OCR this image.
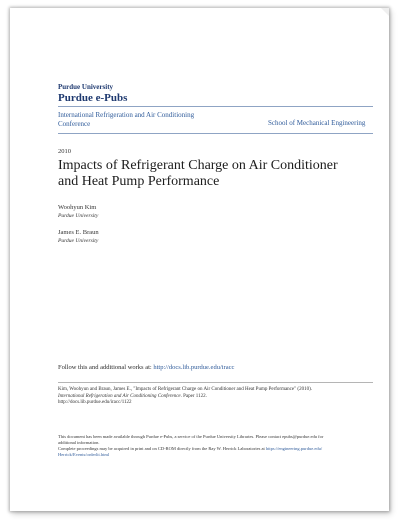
Purdue University
Purdue e-Pubs
International Refrigeration and Air Conditioning
Conference	School of Mechanical Engineering
2010
Impacts of Refrigerant Charge on Air Conditioner
and Heat Pump Performance
Woohyun Kim
Purdue University
James E. Braun
Purdue University
Follow this and additional works at: http://docs.lib.purdue.edu/iracc
Kim, Woohyun and Braun, James E., "Impacts of Refrigerant Charge on Air Conditioner and Heat Pump Performance" (2010).
International Refrigeration and Air Conditioning Conference. Paper 1122.
http://docs.lib.purdue.edu/iracc/1122
This document has been made available through Purdue e-Pubs, a service of the Purdue University Libraries. Please contact epubs@purdue.edu for
additional information.
Complete proceedings may be acquired in print and on CD-ROM directly from the Ray W. Herrick Laboratories at https://engineering.purdue.edu/
Herrick/Events/orderlit.html
